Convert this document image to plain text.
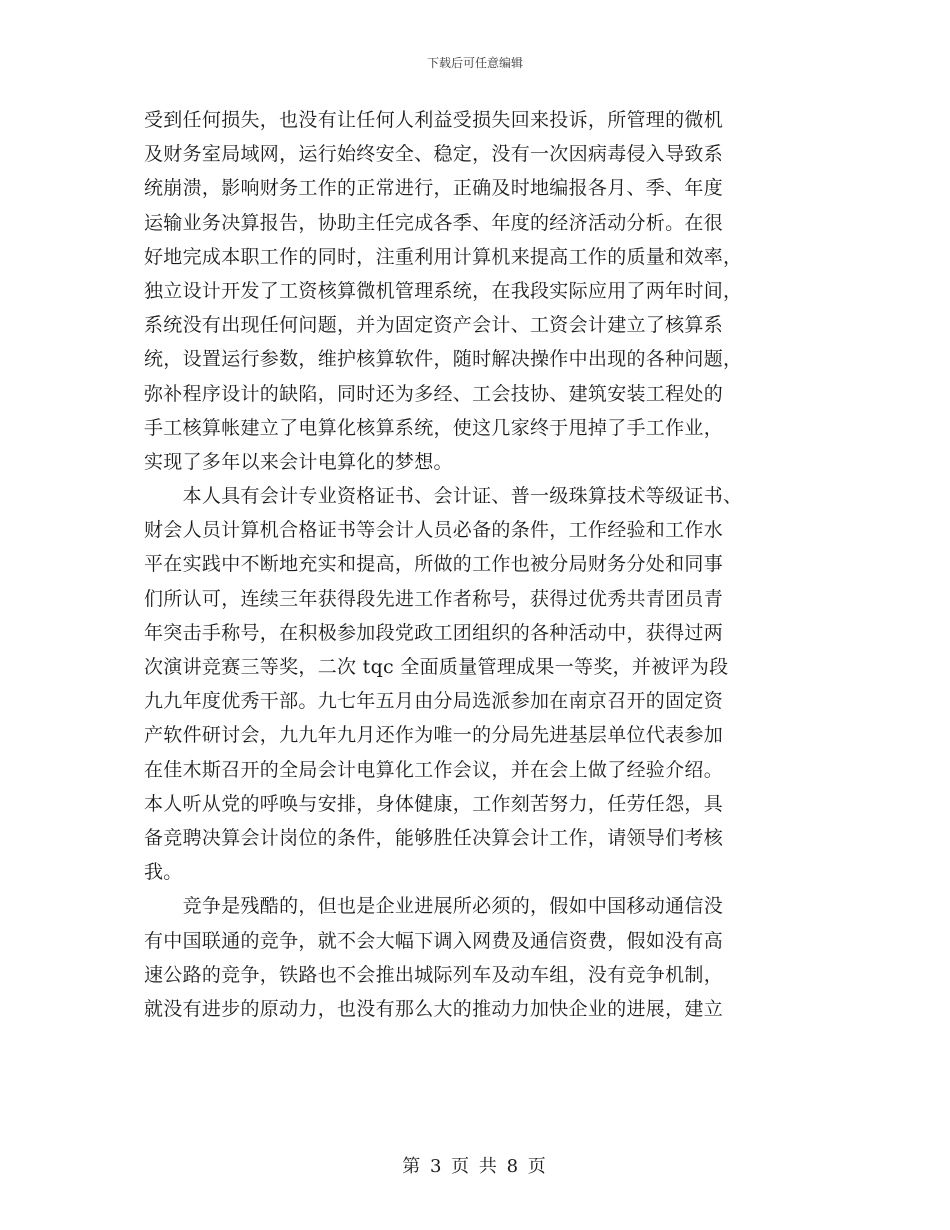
下载后可任意编辑
受到任何损失，也没有让任何人利益受损失回来投诉，所管理的微机
及财务室局域网，运行始终安全、稳定，没有一次因病毒侵入导致系
统崩溃，影响财务工作的正常进行，正确及时地编报各月、季、年度
运输业务决算报告，协助主任完成各季、年度的经济活动分析。在很
好地完成本职工作的同时，注重利用计算机来提高工作的质量和效率，
独立设计开发了工资核算微机管理系统，在我段实际应用了两年时间，
系统没有出现任何问题，并为固定资产会计、工资会计建立了核算系
统，设置运行参数，维护核算软件，随时解决操作中出现的各种问题，
弥补程序设计的缺陷，同时还为多经、工会技协、建筑安装工程处的
手工核算帐建立了电算化核算系统，使这几家终于甩掉了手工作业，
实现了多年以来会计电算化的梦想。
　　本人具有会计专业资格证书、会计证、普一级珠算技术等级证书、
财会人员计算机合格证书等会计人员必备的条件，工作经验和工作水
平在实践中不断地充实和提高，所做的工作也被分局财务分处和同事
们所认可，连续三年获得段先进工作者称号，获得过优秀共青团员青
年突击手称号，在积极参加段党政工团组织的各种活动中，获得过两
次演讲竞赛三等奖，二次 tqc 全面质量管理成果一等奖，并被评为段
九九年度优秀干部。九七年五月由分局选派参加在南京召开的固定资
产软件研讨会，九九年九月还作为唯一的分局先进基层单位代表参加
在佳木斯召开的全局会计电算化工作会议，并在会上做了经验介绍。
本人听从党的呼唤与安排，身体健康，工作刻苦努力，任劳任怨，具
备竞聘决算会计岗位的条件，能够胜任决算会计工作，请领导们考核
我。
　　竞争是残酷的，但也是企业进展所必须的，假如中国移动通信没
有中国联通的竞争，就不会大幅下调入网费及通信资费，假如没有高
速公路的竞争，铁路也不会推出城际列车及动车组，没有竞争机制，
就没有进步的原动力，也没有那么大的推动力加快企业的进展，建立
第 3 页 共 8 页
